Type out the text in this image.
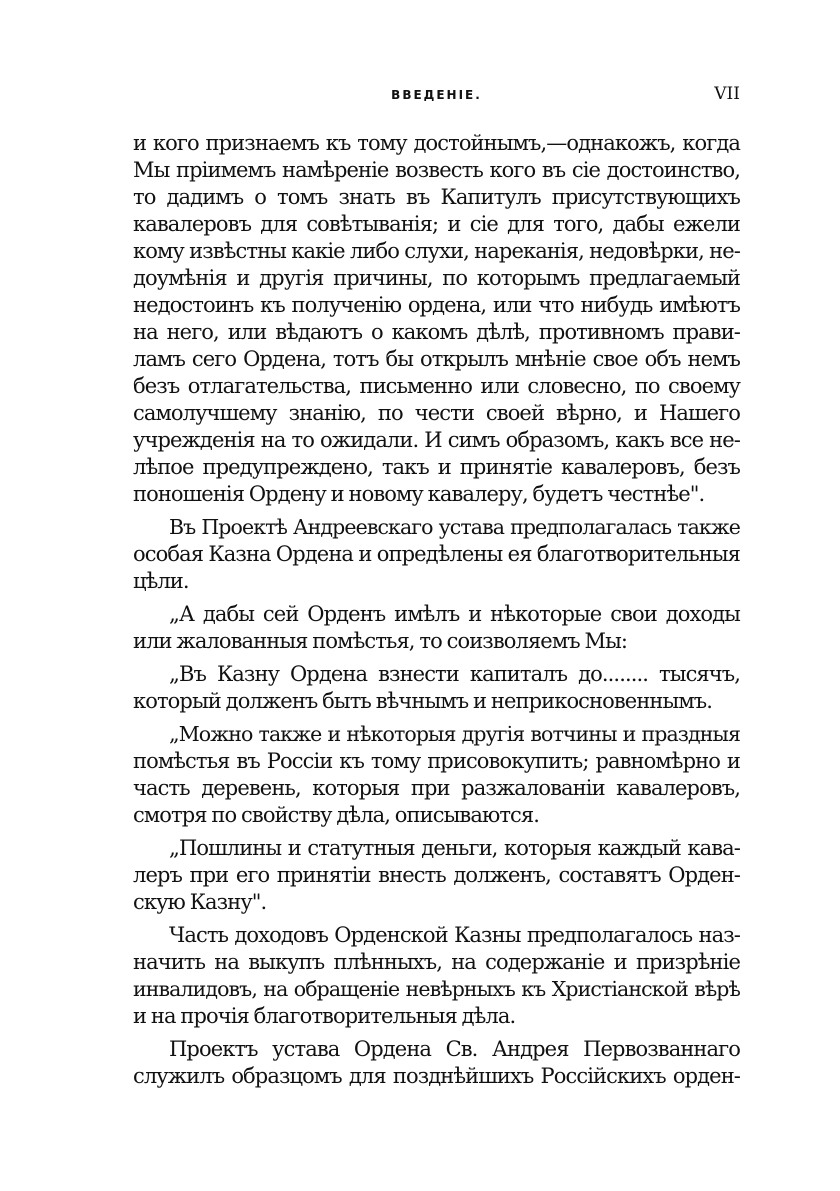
ВВЕДЕНІЕ.	VII
и кого признаемъ къ тому достойнымъ,—однакожъ, когда
Мы пріимемъ намѣреніе возвесть кого въ сіе достоинство,
то дадимъ о томъ знать въ Капитулъ присутствующихъ
кавалеровъ для совѣтыванія; и сіе для того, дабы ежели
кому извѣстны какіе либо слухи, нареканія, недовѣрки, не-
доумѣнія и другія причины, по которымъ предлагаемый
недостоинъ къ полученію ордена, или что нибудь имѣютъ
на него, или вѣдаютъ о какомъ дѣлѣ, противномъ прави-
ламъ сего Ордена, тотъ бы открылъ мнѣніе свое объ немъ
безъ отлагательства, письменно или словесно, по своему
самолучшему знанію, по чести своей вѣрно, и Нашего
учрежденія на то ожидали. И симъ образомъ, какъ все не-
лѣпое предупреждено, такъ и принятіе кавалеровъ, безъ
поношенія Ордену и новому кавалеру, будетъ честнѣе".
Въ Проектѣ Андреевскаго устава предполагалась также
особая Казна Ордена и опредѣлены ея благотворительныя
цѣли.
„А дабы сей Орденъ имѣлъ и нѣкоторые свои доходы
или жалованныя помѣстья, то соизволяемъ Мы:
„Въ Казну Ордена взнести капиталъ до........ тысячъ,
который долженъ быть вѣчнымъ и неприкосновеннымъ.
„Можно также и нѣкоторыя другія вотчины и праздныя
помѣстья въ Россіи къ тому присовокупить; равномѣрно и
часть деревень, которыя при разжалованіи кавалеровъ,
смотря по свойству дѣла, описываются.
„Пошлины и статутныя деньги, которыя каждый кава-
леръ при его принятіи внесть долженъ, составятъ Орден-
скую Казну".
Часть доходовъ Орденской Казны предполагалось наз-
начить на выкупъ плѣнныхъ, на содержаніе и призрѣніе
инвалидовъ, на обращеніе невѣрныхъ къ Христіанской вѣрѣ
и на прочія благотворительныя дѣла.
Проектъ устава Ордена Св. Андрея Первозваннаго
служилъ образцомъ для позднѣйшихъ Россійскихъ орден-
